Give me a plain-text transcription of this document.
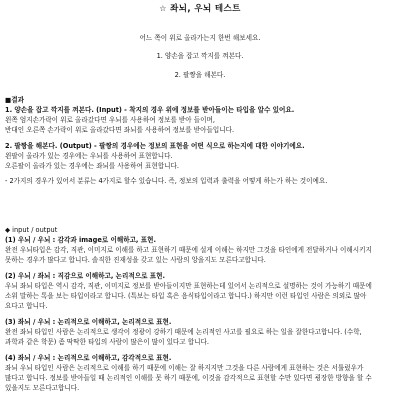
☆ 좌뇌, 우뇌 테스트
어느 쪽이 위로 올라가는지 한번 해보세요.
1. 양손을 잡고 깍지를 껴본다.
2. 팔짱을 해본다.
■결과
1. 양손을 잡고 깍지를 껴본다. (Input) - 착지의 경우 위에 정보를 받아들이는 타입을 알수 있어요.
왼쪽 엄지손가락이 위로 올라갔다면 우뇌를 사용하여 정보를 받아 들이며,
반대인 오른쪽 손가락이 위로 올라갔다면 좌뇌를 사용하여 정보를 받아들입니다.
2. 팔짱을 해본다. (Output) - 팔짱의 경우에는 정보의 표현을 어떤 식으로 하는지에 대한 이야기에요.
왼팔이 올라가 있는 경우에는 우뇌를 사용하여 표현합니다.
오른팔이 올라가 있는 경우에는 좌뇌를 사용하여 표현합니다.
- 2가지의 경우가 있어서 분류는 4가지로 할수 있습니다. 즉, 정보의 입력과 출력을 어떻게 하는가 하는 것이예요.
◆ input / output
(1) 우뇌 / 우뇌 : 감각과 image로 이해하고, 표현.
완전 우뇌타입은 감각, 직관, 이미지로 이해를 하고 표현하기 때문에 설게 이해는 하지만 그것을 타인에게 전달하거나 이해시키지
못하는 경우가 많다고 합니다. 솔직한 진재성을 갖고 있는 사람의 앙을지도 모른다고합니다.
(2) 우뇌 / 좌뇌 : 직감으로 이해하고, 논리적으로 표현.
우뇌 좌뇌 타입은 역시 감각, 직관, 이미지로 정보를 받아들이지만 표현하는데 있어서 논리적으로 설명하는 것이 가능하기 때문에
소위 말하는 톡을 보는 타입이라고 합니다. (특보는 타입 혹은 음식타입이라고 합니다.) 하지만 이런 타입인 사람은 의외로 많아
요다고 합니다.
(3) 좌뇌 / 우뇌 : 논리적으로 이해하고, 논리적으로 표현.
완전 좌뇌 타입인 사람은 논리적으로 생각이 정광이 강하기 때문에 논리적인 사고를 필요로 하는 일을 잘한다고합니다. (수학,
과학과 같은 학문) 좀 딱딱한 타입의 사람이 많은이 많이 있다고 합니다.
(4) 좌뇌 / 우뇌 : 논리적으로 이해하고, 감각적으로 표현.
좌뇌 우뇌 타입인 사람은 논리적으로 이해를 하기 때문에 이해는 잘 하지지만 그것을 다른 사람에게 표현하는 것은 서툴렀우가
많다고 합니다. 정보를 받아들일 때 논리적인 이해를 못 하기 때문에, 이것을 감각적으로 표현할 수만 있다면 굉장한 방향을 할 수
있을지도 모른다고합니다.
